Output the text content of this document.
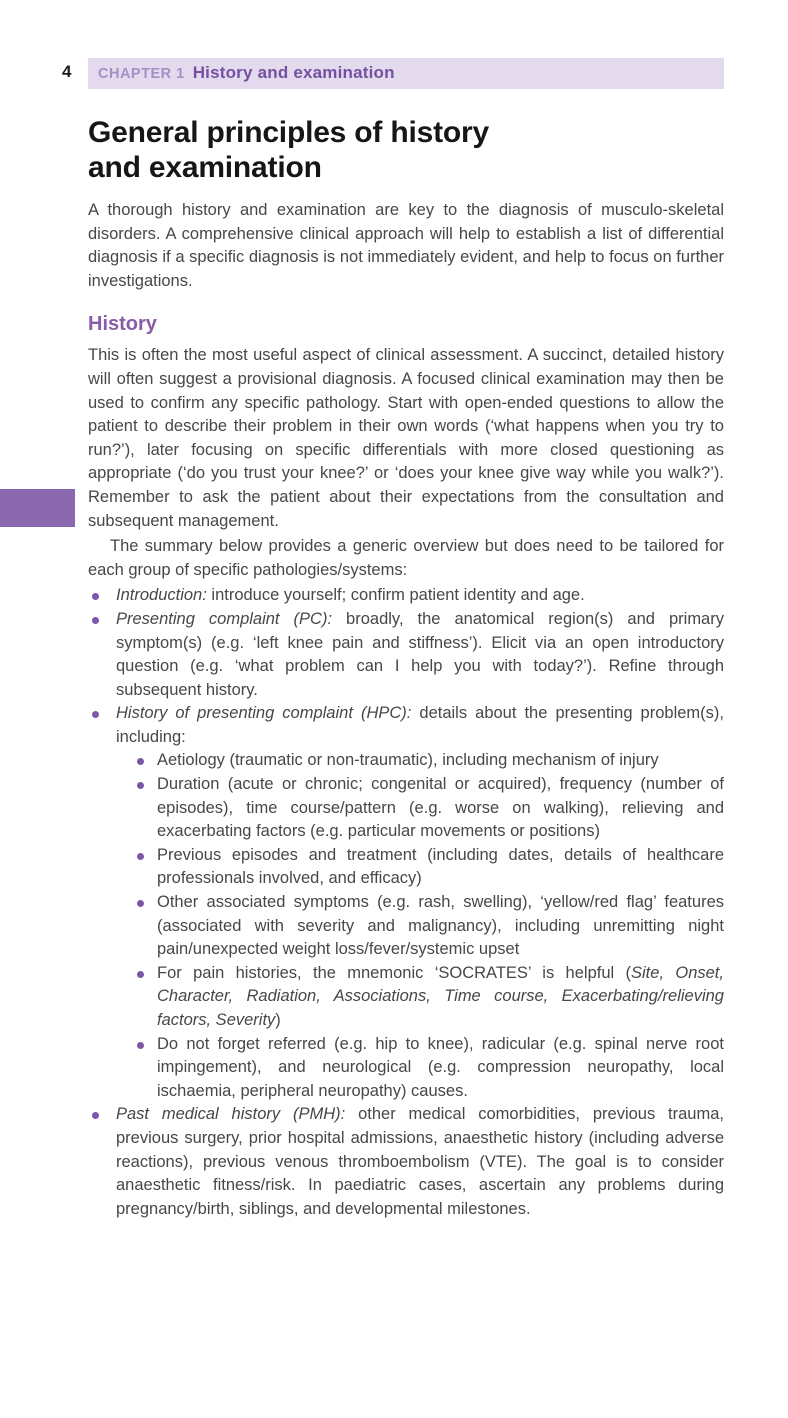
4 CHAPTER 1 History and examination
General principles of history
and examination

A thorough history and examination are key to the diagnosis of musculo-skeletal disorders. A comprehensive clinical approach will help to establish a list of differential diagnosis if a specific diagnosis is not immediately evident, and help to focus on further investigations.

History

This is often the most useful aspect of clinical assessment. A succinct, detailed history will often suggest a provisional diagnosis. A focused clinical examination may then be used to confirm any specific pathology. Start with open-ended questions to allow the patient to describe their problem in their own words (‘what happens when you try to run?’), later focusing on specific differentials with more closed questioning as appropriate (‘do you trust your knee?’ or ‘does your knee give way while you walk?’). Remember to ask the patient about their expectations from the consultation and subsequent management.

The summary below provides a generic overview but does need to be tailored for each group of specific pathologies/systems:

Introduction: introduce yourself; confirm patient identity and age.
Presenting complaint (PC): broadly, the anatomical region(s) and primary symptom(s) (e.g. ‘left knee pain and stiffness’). Elicit via an open introductory question (e.g. ‘what problem can I help you with today?’). Refine through subsequent history.
History of presenting complaint (HPC): details about the presenting problem(s), including:
Aetiology (traumatic or non-traumatic), including mechanism of injury
Duration (acute or chronic; congenital or acquired), frequency (number of episodes), time course/pattern (e.g. worse on walking), relieving and exacerbating factors (e.g. particular movements or positions)
Previous episodes and treatment (including dates, details of healthcare professionals involved, and efficacy)
Other associated symptoms (e.g. rash, swelling), ‘yellow/red flag’ features (associated with severity and malignancy), including unremitting night pain/unexpected weight loss/fever/systemic upset
For pain histories, the mnemonic ‘SOCRATES’ is helpful (Site, Onset, Character, Radiation, Associations, Time course, Exacerbating/relieving factors, Severity)
Do not forget referred (e.g. hip to knee), radicular (e.g. spinal nerve root impingement), and neurological (e.g. compression neuropathy, local ischaemia, peripheral neuropathy) causes.
Past medical history (PMH): other medical comorbidities, previous trauma, previous surgery, prior hospital admissions, anaesthetic history (including adverse reactions), previous venous thromboembolism (VTE). The goal is to consider anaesthetic fitness/risk. In paediatric cases, ascertain any problems during pregnancy/birth, siblings, and developmental milestones.
